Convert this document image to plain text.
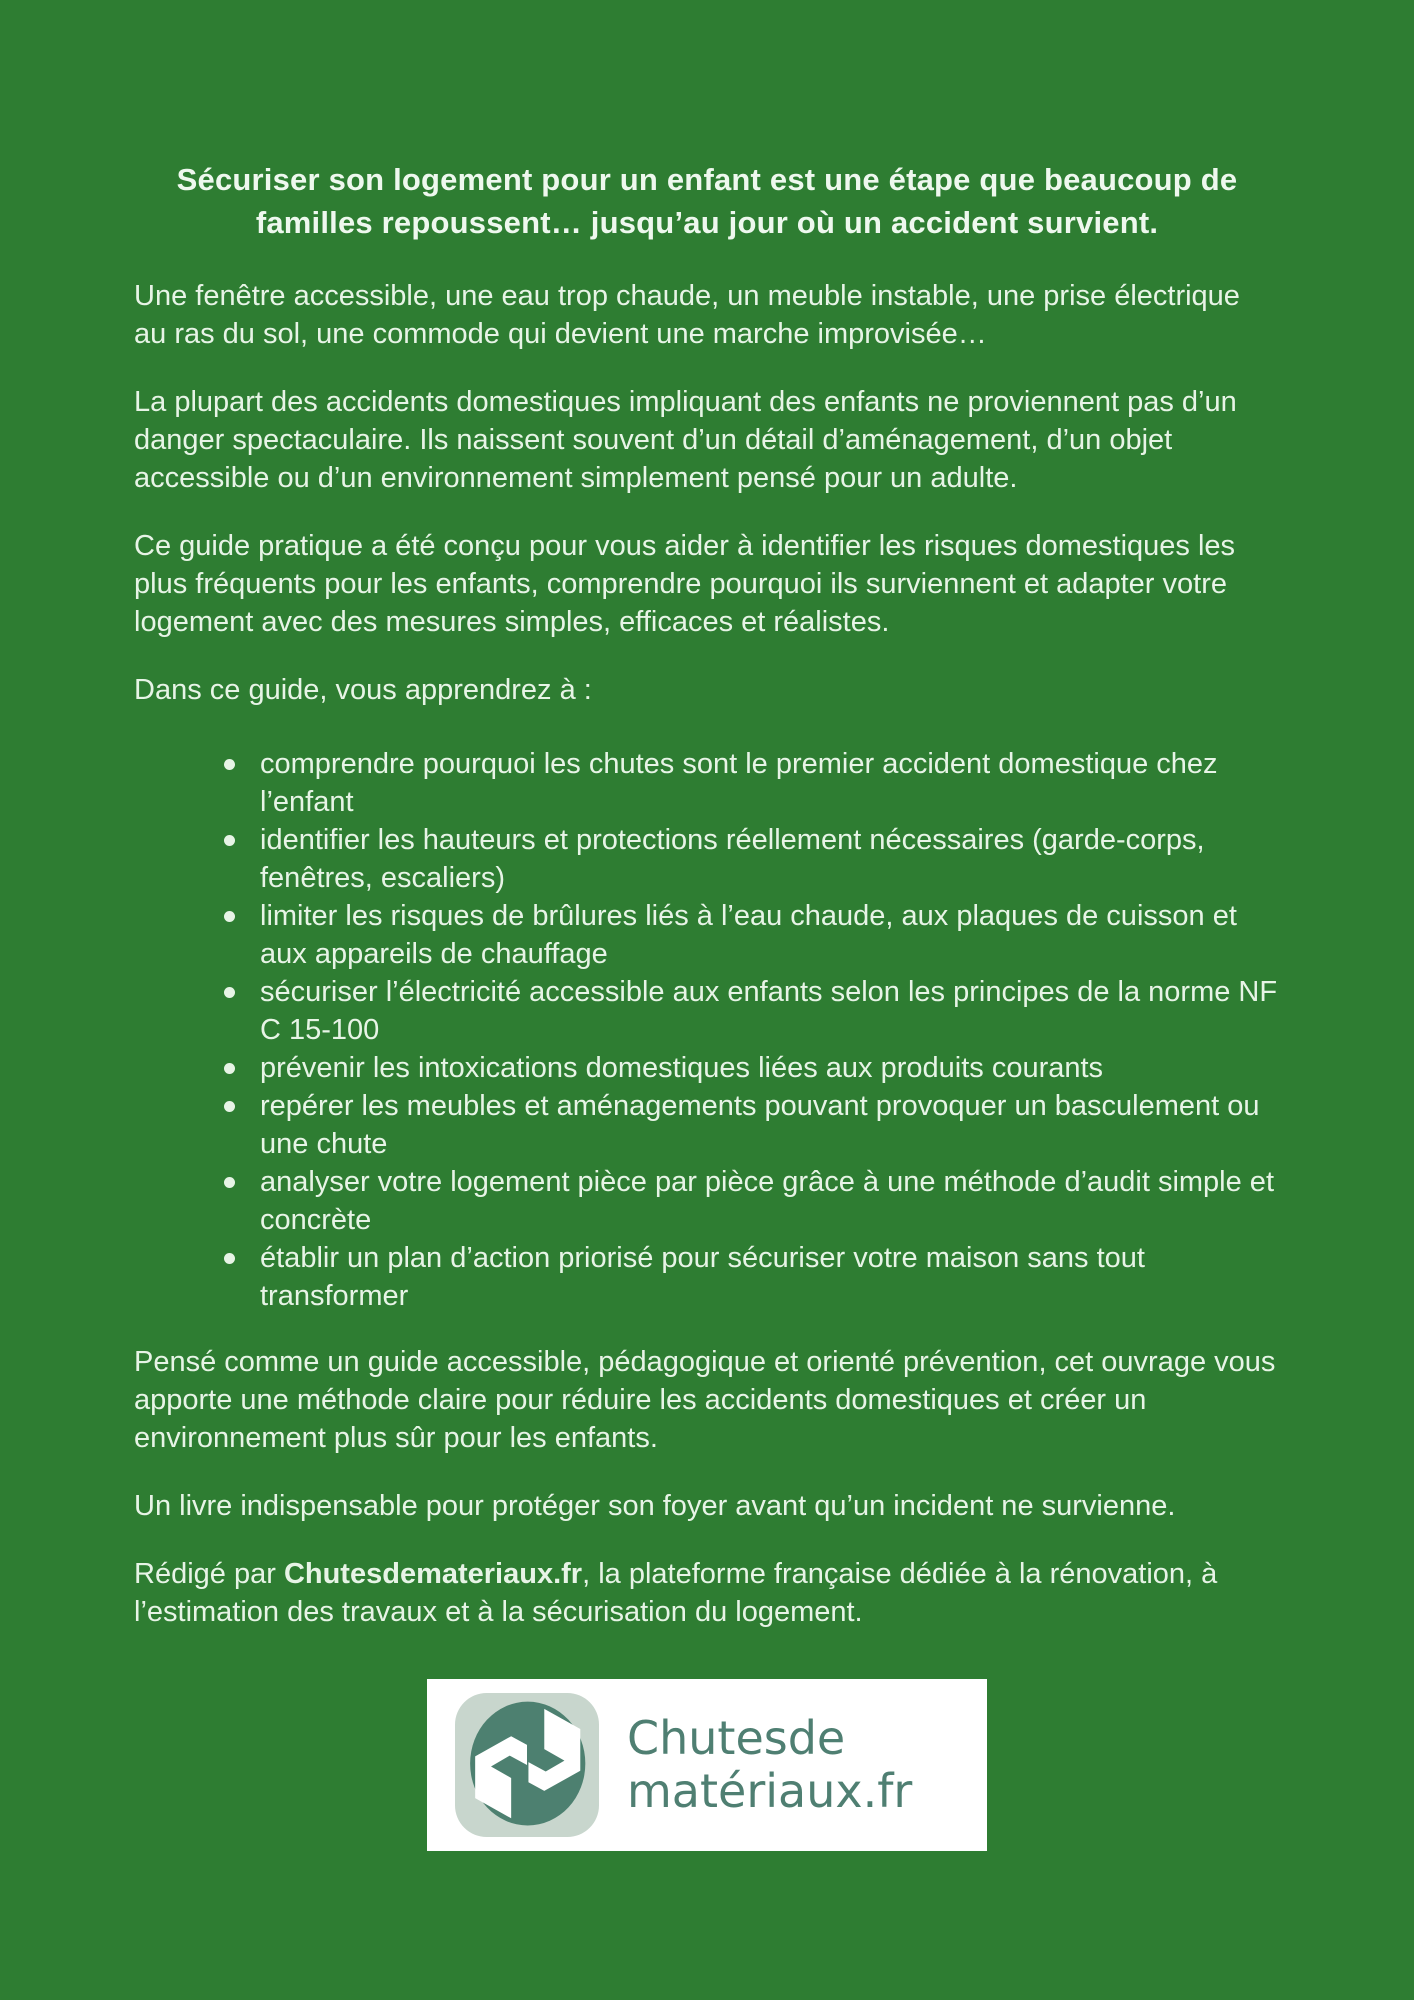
Sécuriser son logement pour un enfant est une étape que beaucoup de familles repoussent… jusqu’au jour où un accident survient.

Une fenêtre accessible, une eau trop chaude, un meuble instable, une prise électrique au ras du sol, une commode qui devient une marche improvisée…

La plupart des accidents domestiques impliquant des enfants ne proviennent pas d’un danger spectaculaire. Ils naissent souvent d’un détail d’aménagement, d’un objet accessible ou d’un environnement simplement pensé pour un adulte.

Ce guide pratique a été conçu pour vous aider à identifier les risques domestiques les plus fréquents pour les enfants, comprendre pourquoi ils surviennent et adapter votre logement avec des mesures simples, efficaces et réalistes.

Dans ce guide, vous apprendrez à :

comprendre pourquoi les chutes sont le premier accident domestique chez l’enfant
identifier les hauteurs et protections réellement nécessaires (garde-corps, fenêtres, escaliers)
limiter les risques de brûlures liés à l’eau chaude, aux plaques de cuisson et aux appareils de chauffage
sécuriser l’électricité accessible aux enfants selon les principes de la norme NF C 15-100
prévenir les intoxications domestiques liées aux produits courants
repérer les meubles et aménagements pouvant provoquer un basculement ou une chute
analyser votre logement pièce par pièce grâce à une méthode d’audit simple et concrète
établir un plan d’action priorisé pour sécuriser votre maison sans tout transformer

Pensé comme un guide accessible, pédagogique et orienté prévention, cet ouvrage vous apporte une méthode claire pour réduire les accidents domestiques et créer un environnement plus sûr pour les enfants.

Un livre indispensable pour protéger son foyer avant qu’un incident ne survienne.

Rédigé par Chutesdemateriaux.fr, la plateforme française dédiée à la rénovation, à l’estimation des travaux et à la sécurisation du logement.

Chutesde
matériaux.fr
